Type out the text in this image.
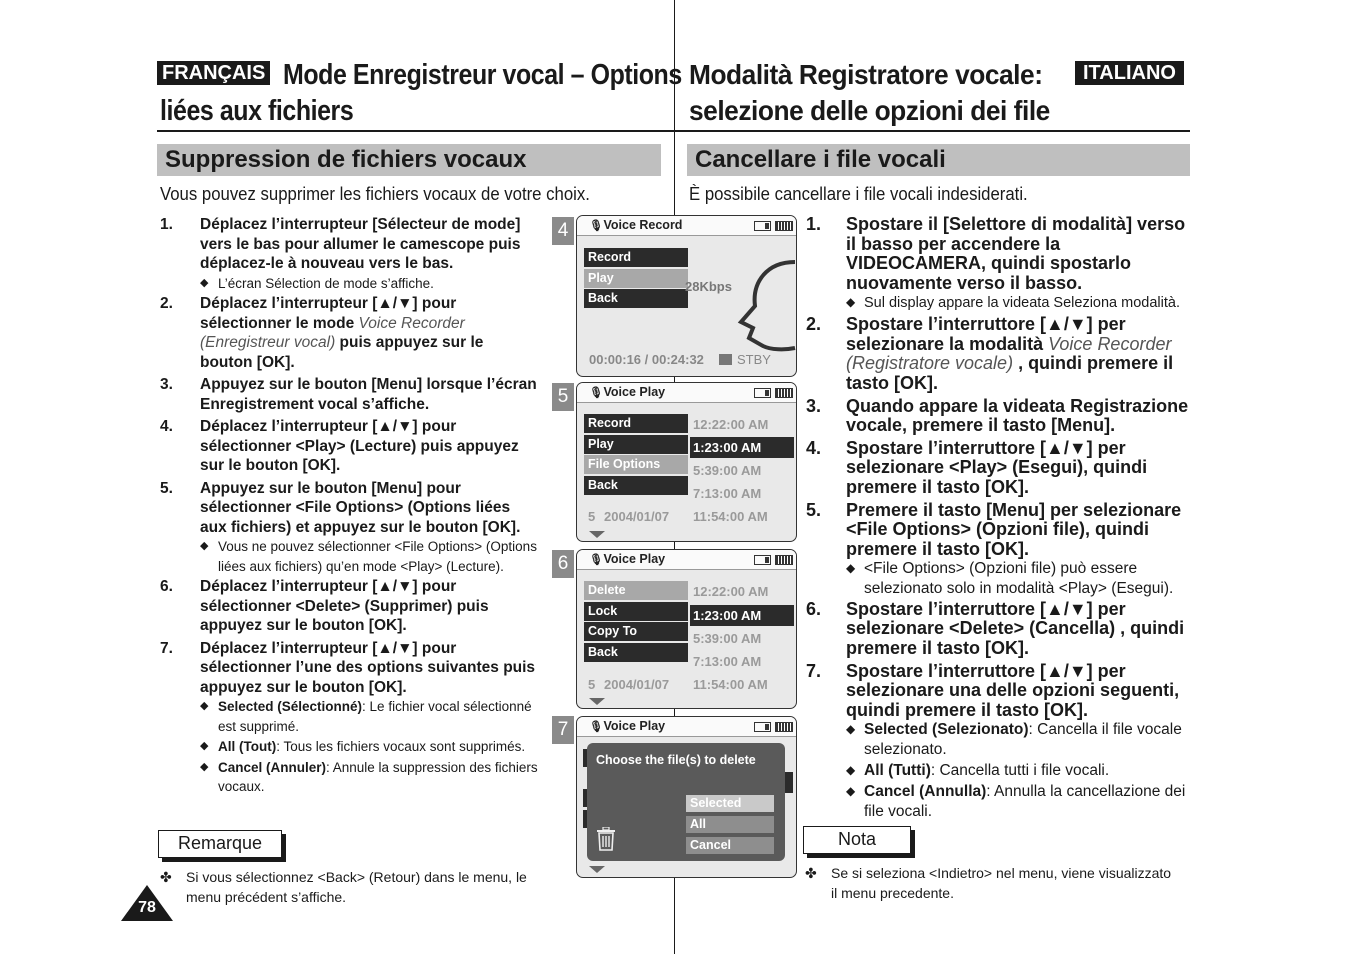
FRANÇAIS Mode Enregistreur vocal – Options
liées aux fichiers
Modalità Registratore vocale:
selezione delle opzioni dei file
ITALIANO
Suppression de fichiers vocaux	Cancellare i file vocali
Vous pouvez supprimer les fichiers vocaux de votre choix.	È possibile cancellare i file vocali indesiderati.
1. Déplacez l’interrupteur [Sélecteur de mode] vers le bas pour allumer le camescope puis déplacez-le à nouveau vers le bas.
◆ L’écran Sélection de mode s’affiche.
2. Déplacez l’interrupteur [▲/▼] pour sélectionner le mode Voice Recorder (Enregistreur vocal) puis appuyez sur le bouton [OK].
3. Appuyez sur le bouton [Menu] lorsque l’écran Enregistrement vocal s’affiche.
4. Déplacez l’interrupteur [▲/▼] pour sélectionner <Play> (Lecture) puis appuyez sur le bouton [OK].
5. Appuyez sur le bouton [Menu] pour sélectionner <File Options> (Options liées aux fichiers) et appuyez sur le bouton [OK].
◆ Vous ne pouvez sélectionner <File Options> (Options liées aux fichiers) qu’en mode <Play> (Lecture).
6. Déplacez l’interrupteur [▲/▼] pour sélectionner <Delete> (Supprimer) puis appuyez sur le bouton [OK].
7. Déplacez l’interrupteur [▲/▼] pour sélectionner l’une des options suivantes puis appuyez sur le bouton [OK].
◆ Selected (Sélectionné): Le fichier vocal sélectionné est supprimé.
◆ All (Tout): Tous les fichiers vocaux sont supprimés.
◆ Cancel (Annuler): Annule la suppression des fichiers vocaux.
1. Spostare il [Selettore di modalità] verso il basso per accendere la VIDEOCAMERA, quindi spostarlo nuovamente verso il basso.
◆ Sul display appare la videata Seleziona modalità.
2. Spostare l’interruttore [▲/▼] per selezionare la modalità Voice Recorder (Registratore vocale) , quindi premere il tasto [OK].
3. Quando appare la videata Registrazione vocale, premere il tasto [Menu].
4. Spostare l’interruttore [▲/▼] per selezionare <Play> (Esegui), quindi premere il tasto [OK].
5. Premere il tasto [Menu] per selezionare <File Options> (Opzioni file), quindi premere il tasto [OK].
◆ <File Options> (Opzioni file) può essere selezionato solo in modalità <Play> (Esegui).
6. Spostare l’interruttore [▲/▼] per selezionare <Delete> (Cancella) , quindi premere il tasto [OK].
7. Spostare l’interruttore [▲/▼] per selezionare una delle opzioni seguenti, quindi premere il tasto [OK].
◆ Selected (Selezionato): Cancella il file vocale selezionato.
◆ All (Tutti): Cancella tutti i file vocali.
◆ Cancel (Annulla): Annulla la cancellazione dei file vocali.
4	🎙 Voice Record
Record
Play
Back
28Kbps
00:00:16 / 00:24:32	STBY
5	🎙 Voice Play
12:22:00 AM
1:23:00 AM
5:39:00 AM
7:13:00 AM
11:54:00 AM
5 2004/01/07
Record
Play
File Options
Back
6	🎙 Voice Play
12:22:00 AM
1:23:00 AM
5:39:00 AM
7:13:00 AM
11:54:00 AM
5 2004/01/07
Delete
Lock
Copy To
Back
7	🎙 Voice Play
Choose the file(s) to delete
Selected
All
Cancel
Remarque
✤ Si vous sélectionnez <Back> (Retour) dans le menu, le menu précédent s’affiche.
Nota
✤ Se si seleziona <Indietro> nel menu, viene visualizzato il menu precedente.
78
